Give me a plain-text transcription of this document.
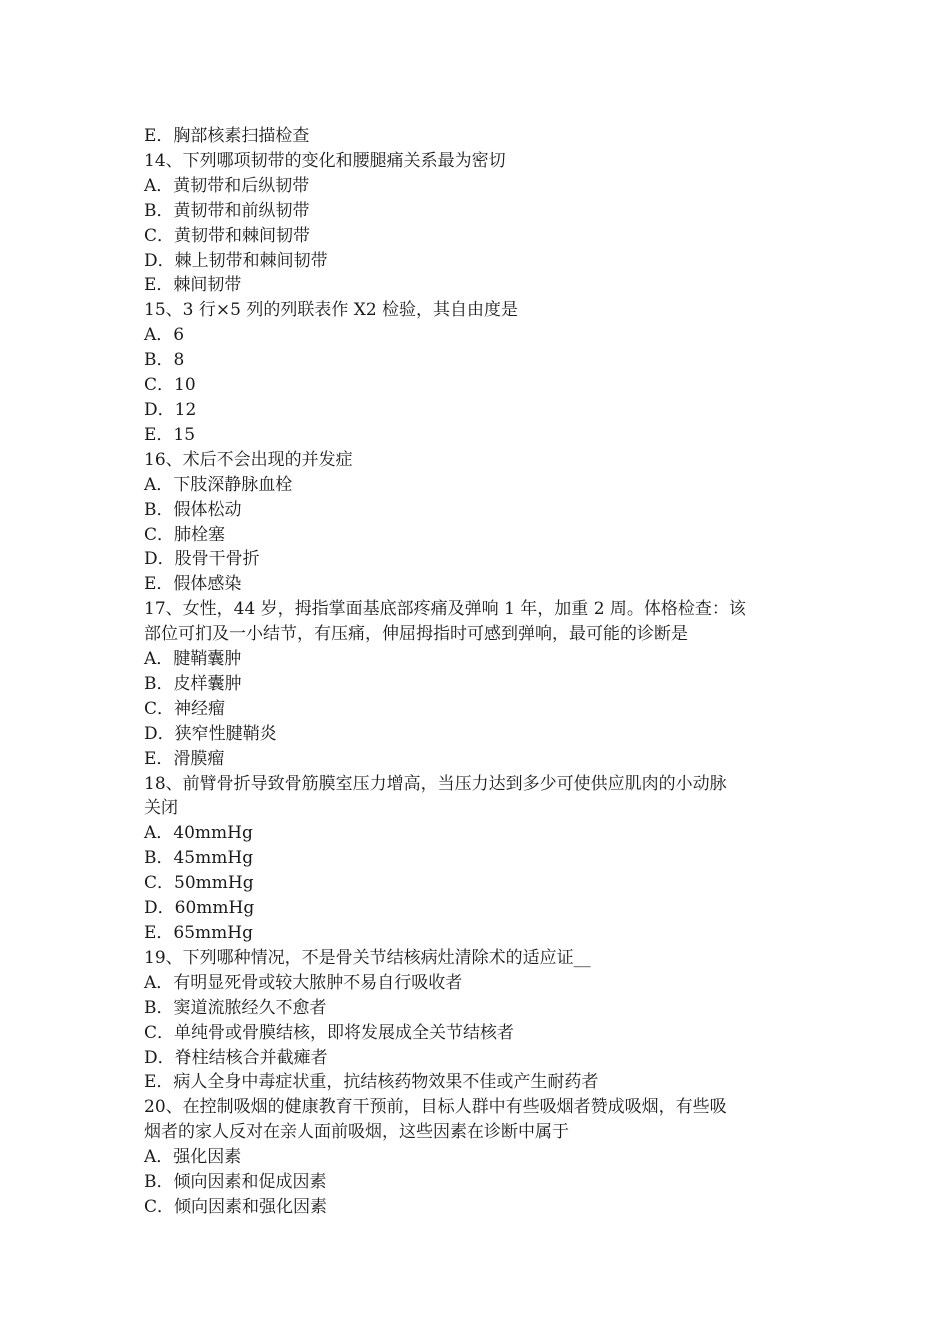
E．胸部核素扫描检查
14、下列哪项韧带的变化和腰腿痛关系最为密切
A．黄韧带和后纵韧带
B．黄韧带和前纵韧带
C．黄韧带和棘间韧带
D．棘上韧带和棘间韧带
E．棘间韧带
15、3 行×5 列的列联表作 X2 检验，其自由度是
A．6
B．8
C．10
D．12
E．15
16、术后不会出现的并发症
A．下肢深静脉血栓
B．假体松动
C．肺栓塞
D．股骨干骨折
E．假体感染
17、女性，44 岁，拇指掌面基底部疼痛及弹响 1 年，加重 2 周。体格检查：该
部位可扪及一小结节，有压痛，伸屈拇指时可感到弹响，最可能的诊断是
A．腱鞘囊肿
B．皮样囊肿
C．神经瘤
D．狭窄性腱鞘炎
E．滑膜瘤
18、前臂骨折导致骨筋膜室压力增高，当压力达到多少可使供应肌肉的小动脉
关闭
A．40mmHg
B．45mmHg
C．50mmHg
D．60mmHg
E．65mmHg
19、下列哪种情况，不是骨关节结核病灶清除术的适应证__
A．有明显死骨或较大脓肿不易自行吸收者
B．窦道流脓经久不愈者
C．单纯骨或骨膜结核，即将发展成全关节结核者
D．脊柱结核合并截瘫者
E．病人全身中毒症状重，抗结核药物效果不佳或产生耐药者
20、在控制吸烟的健康教育干预前，目标人群中有些吸烟者赞成吸烟，有些吸
烟者的家人反对在亲人面前吸烟，这些因素在诊断中属于
A．强化因素
B．倾向因素和促成因素
C．倾向因素和强化因素
